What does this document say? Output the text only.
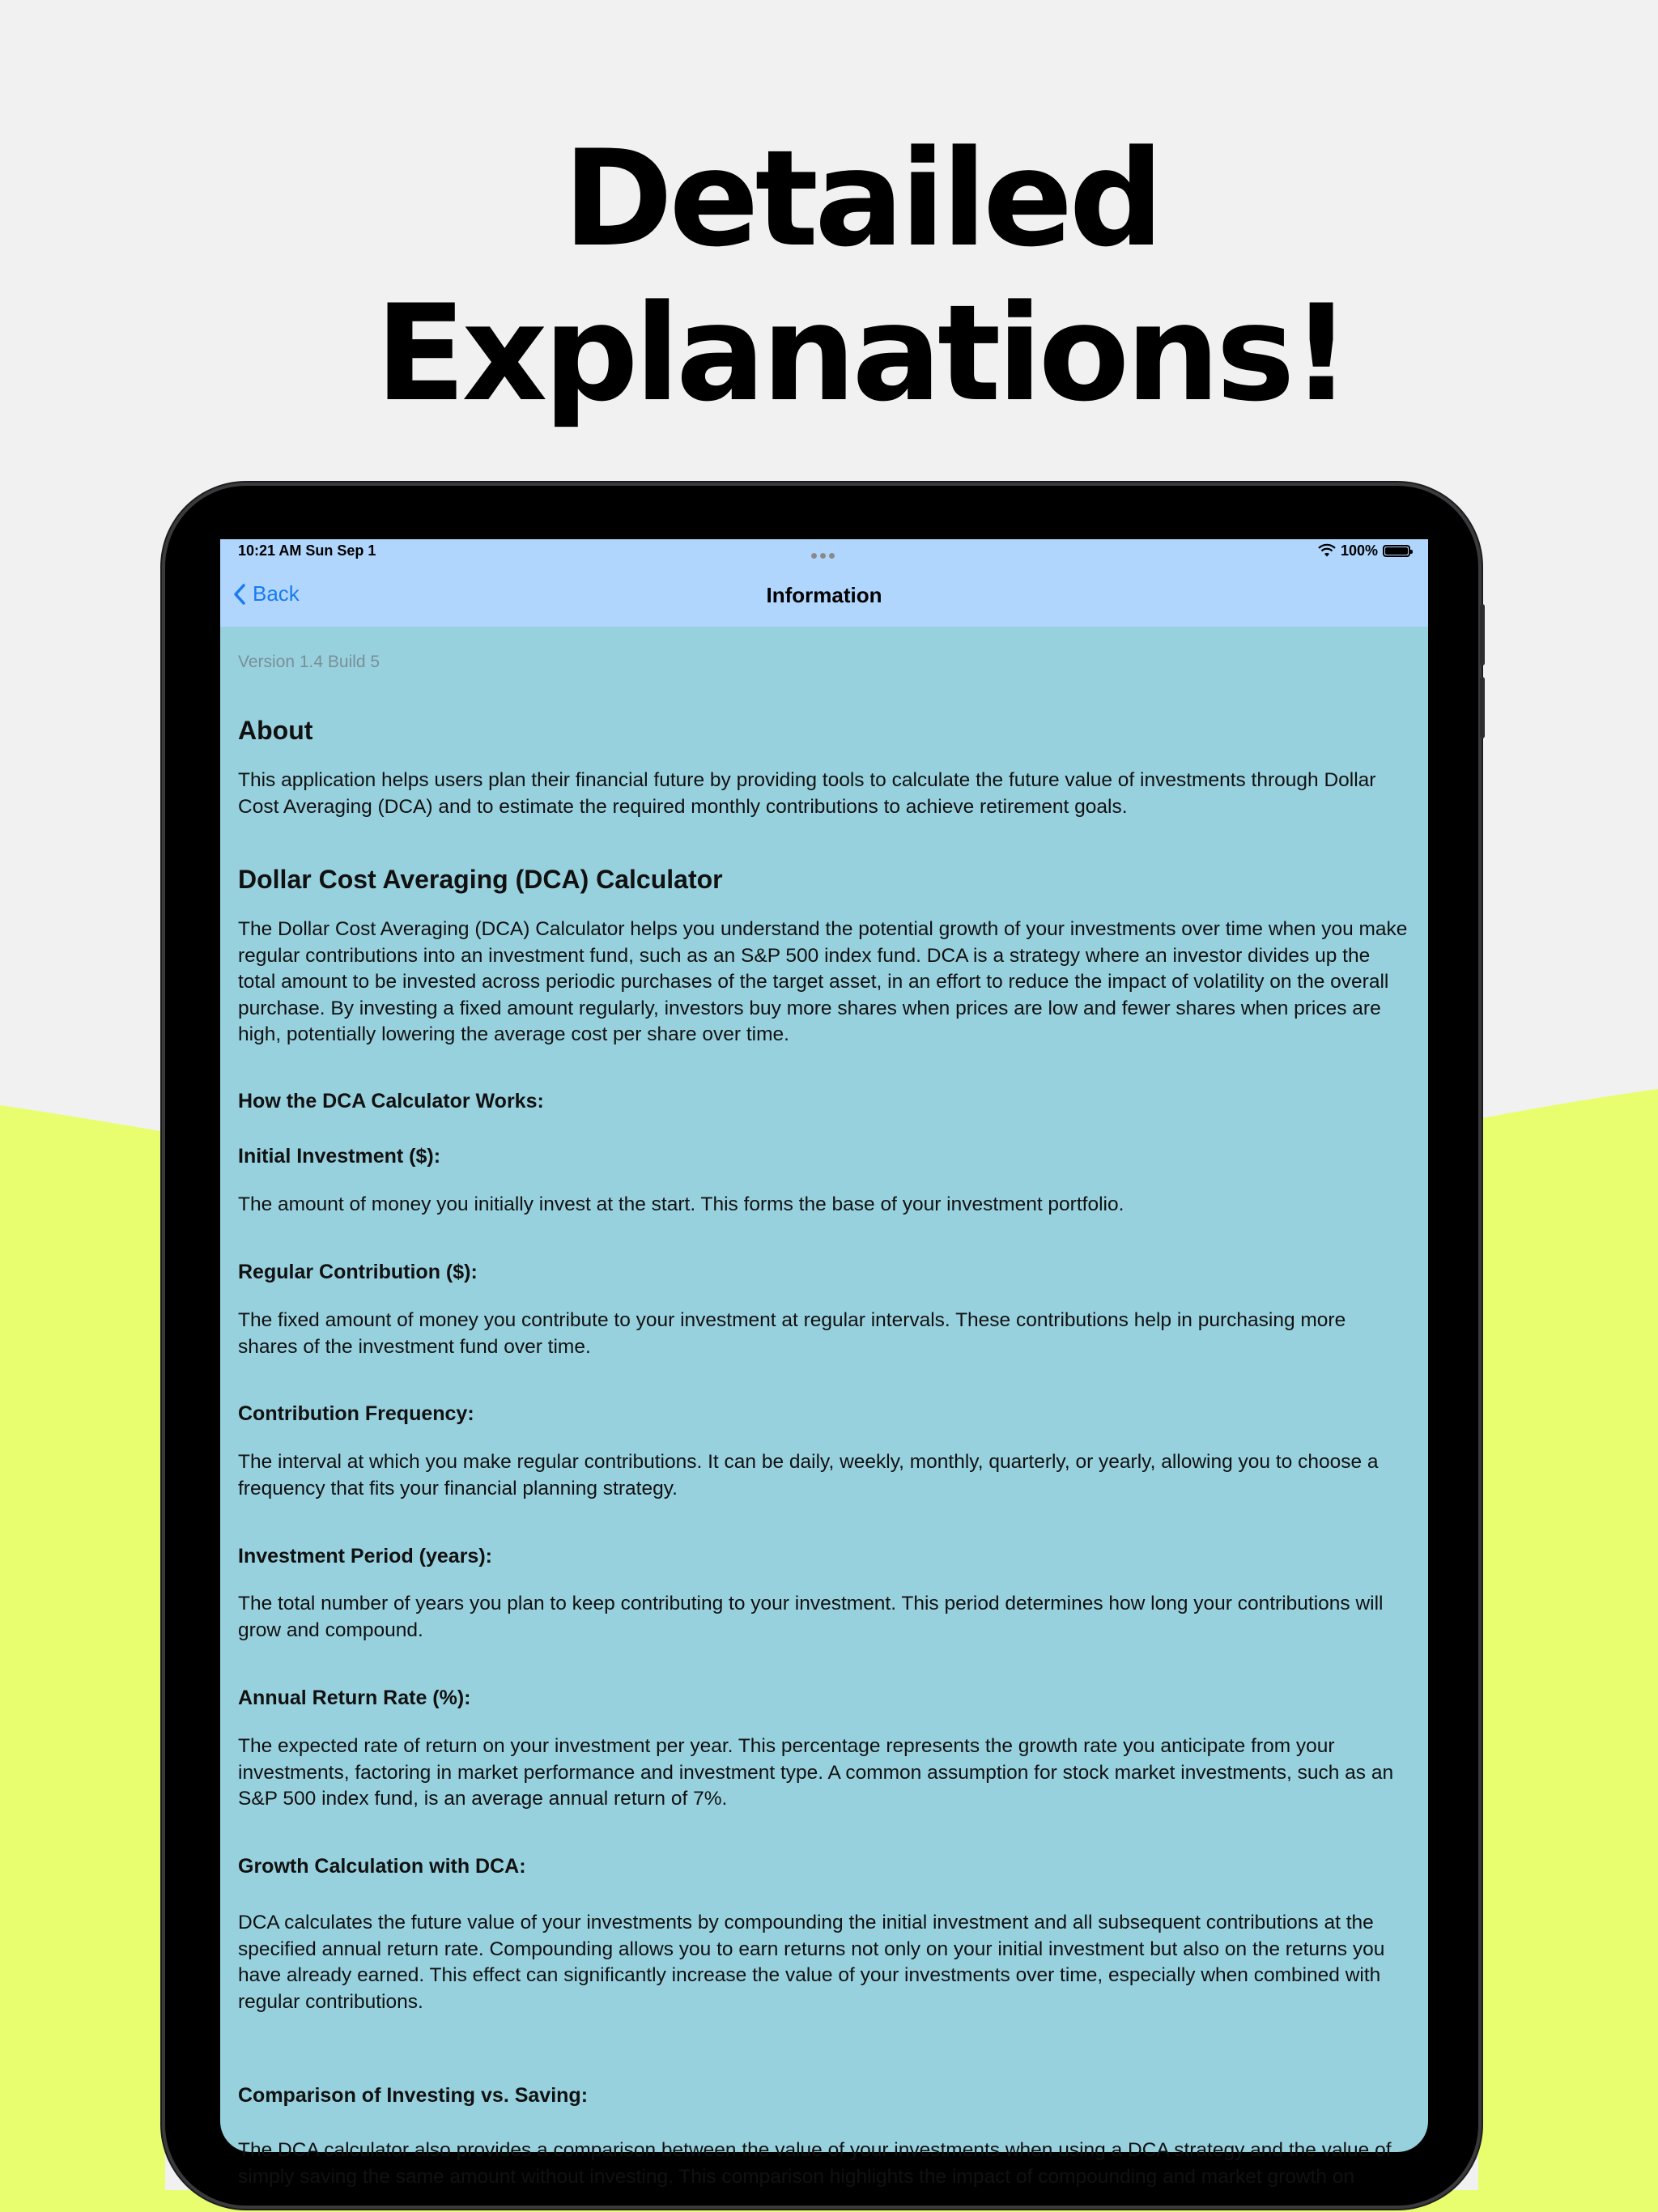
Detailed Explanations!
10:21 AM Sun Sep 1	100%
Back	Information
Version 1.4 Build 5
About
This application helps users plan their financial future by providing tools to calculate the future value of investments through Dollar Cost Averaging (DCA) and to estimate the required monthly contributions to achieve retirement goals.
Dollar Cost Averaging (DCA) Calculator
The Dollar Cost Averaging (DCA) Calculator helps you understand the potential growth of your investments over time when you make regular contributions into an investment fund, such as an S&P 500 index fund. DCA is a strategy where an investor divides up the total amount to be invested across periodic purchases of the target asset, in an effort to reduce the impact of volatility on the overall purchase. By investing a fixed amount regularly, investors buy more shares when prices are low and fewer shares when prices are high, potentially lowering the average cost per share over time.
How the DCA Calculator Works:
Initial Investment ($):
The amount of money you initially invest at the start. This forms the base of your investment portfolio.
Regular Contribution ($):
The fixed amount of money you contribute to your investment at regular intervals. These contributions help in purchasing more shares of the investment fund over time.
Contribution Frequency:
The interval at which you make regular contributions. It can be daily, weekly, monthly, quarterly, or yearly, allowing you to choose a frequency that fits your financial planning strategy.
Investment Period (years):
The total number of years you plan to keep contributing to your investment. This period determines how long your contributions will grow and compound.
Annual Return Rate (%):
The expected rate of return on your investment per year. This percentage represents the growth rate you anticipate from your investments, factoring in market performance and investment type. A common assumption for stock market investments, such as an S&P 500 index fund, is an average annual return of 7%.
Growth Calculation with DCA:
DCA calculates the future value of your investments by compounding the initial investment and all subsequent contributions at the specified annual return rate. Compounding allows you to earn returns not only on your initial investment but also on the returns you have already earned. This effect can significantly increase the value of your investments over time, especially when combined with regular contributions.
Comparison of Investing vs. Saving:
The DCA calculator also provides a comparison between the value of your investments when using a DCA strategy and the value of simply saving the same amount without investing. This comparison highlights the impact of compounding and market growth on
